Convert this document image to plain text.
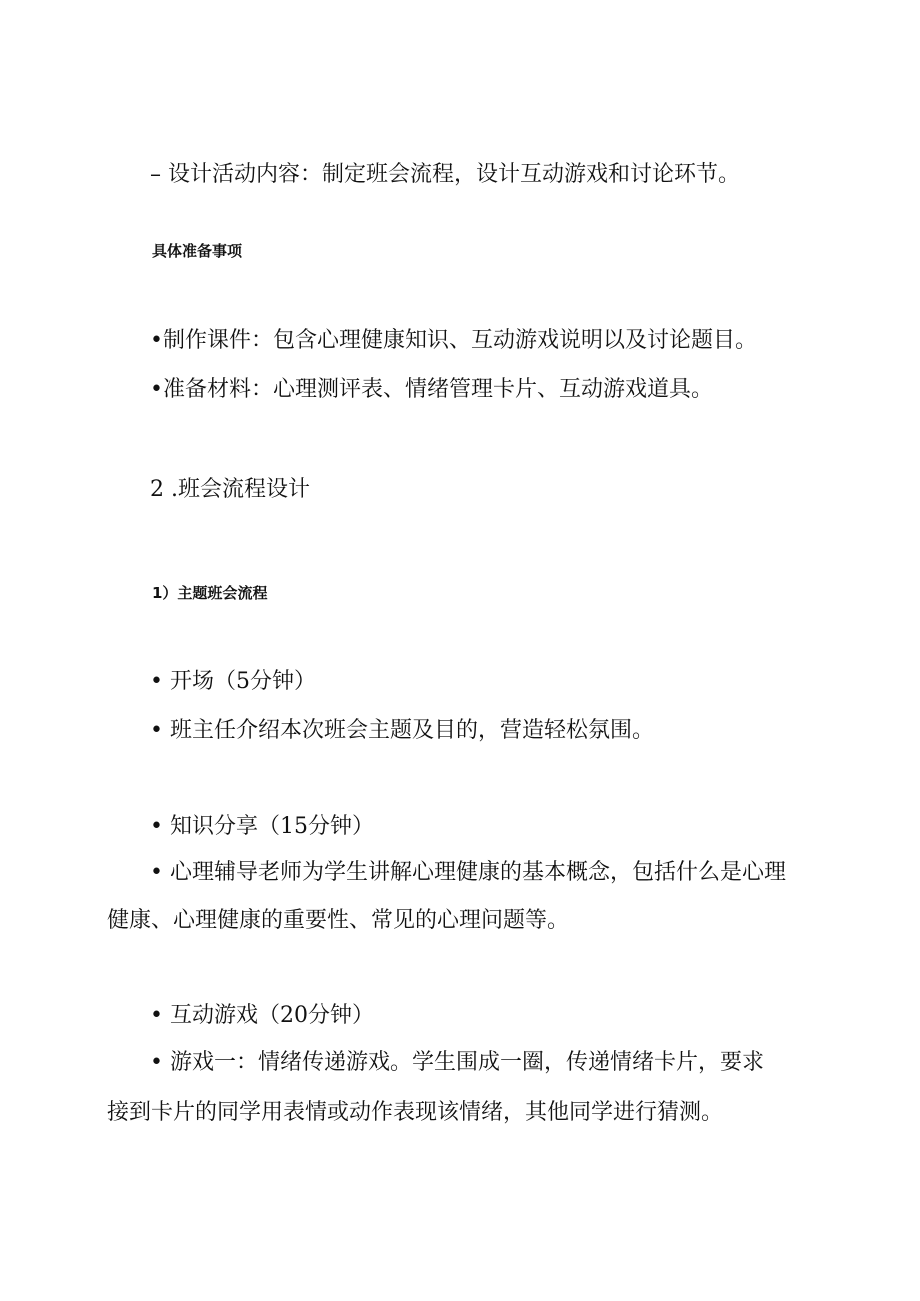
– 设计活动内容：制定班会流程，设计互动游戏和讨论环节。
具体准备事项
•制作课件：包含心理健康知识、互动游戏说明以及讨论题目。
•准备材料：心理测评表、情绪管理卡片、互动游戏道具。
2 .班会流程设计
1）主题班会流程
• 开场（5分钟）
• 班主任介绍本次班会主题及目的，营造轻松氛围。
• 知识分享（15分钟）
• 心理辅导老师为学生讲解心理健康的基本概念，包括什么是心理
健康、心理健康的重要性、常见的心理问题等。
• 互动游戏（20分钟）
• 游戏一：情绪传递游戏。学生围成一圈，传递情绪卡片，要求
接到卡片的同学用表情或动作表现该情绪，其他同学进行猜测。
